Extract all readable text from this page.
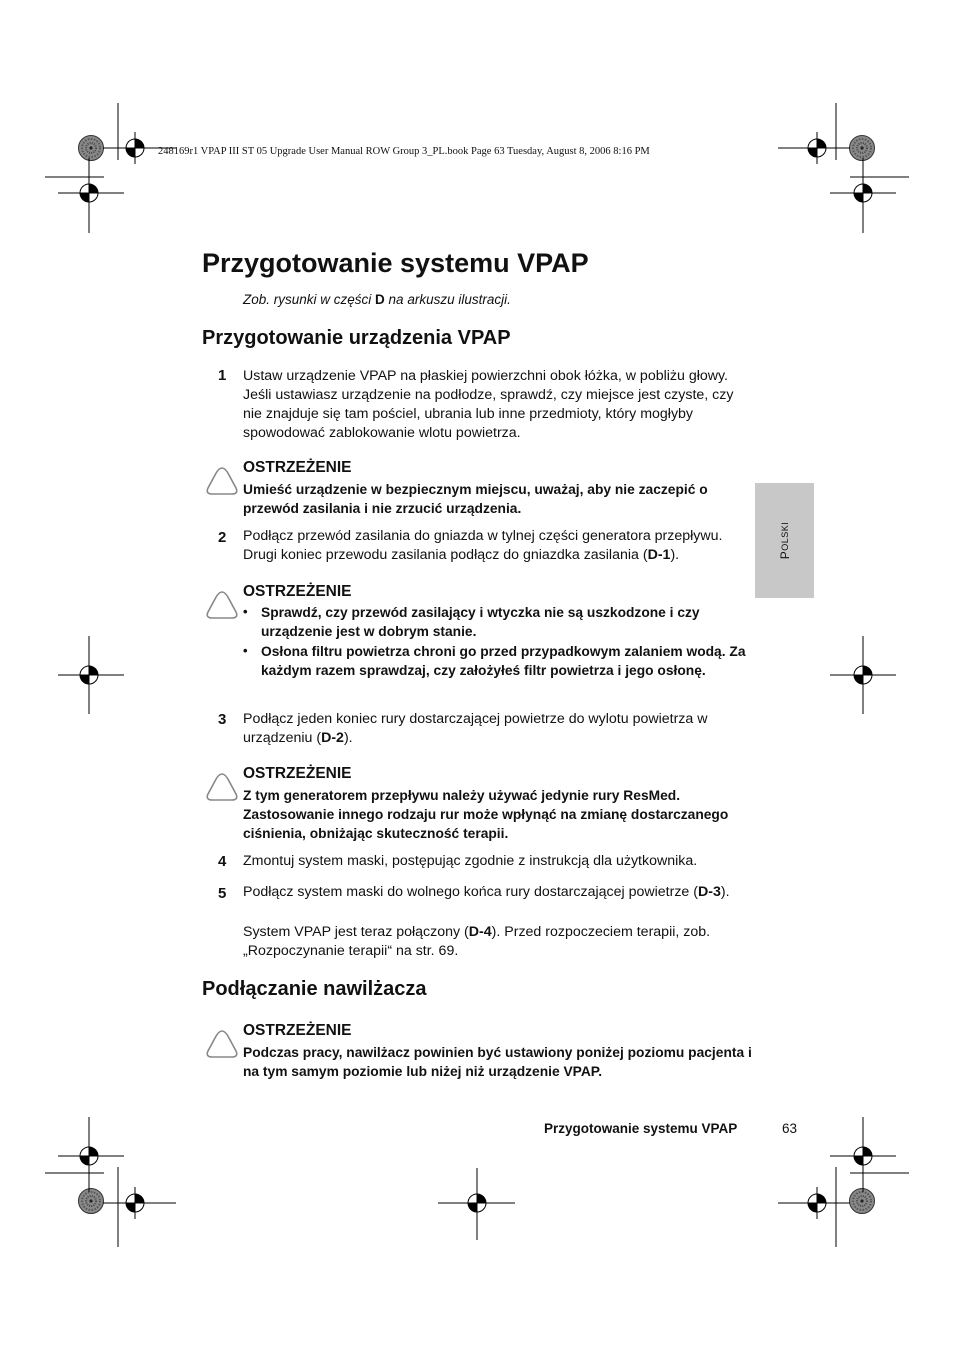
248169r1 VPAP III ST 05 Upgrade User Manual ROW Group 3_PL.book Page 63 Tuesday, August 8, 2006 8:16 PM
Przygotowanie systemu VPAP
Zob. rysunki w części D na arkuszu ilustracji.
Przygotowanie urządzenia VPAP
1 Ustaw urządzenie VPAP na płaskiej powierzchni obok łóżka, w pobliżu głowy. Jeśli ustawiasz urządzenie na podłodze, sprawdź, czy miejsce jest czyste, czy nie znajduje się tam pościel, ubrania lub inne przedmioty, który mogłyby spowodować zablokowanie wlotu powietrza.
OSTRZEŻENIE
Umieść urządzenie w bezpiecznym miejscu, uważaj, aby nie zaczepić o przewód zasilania i nie zrzucić urządzenia.
2 Podłącz przewód zasilania do gniazda w tylnej części generatora przepływu. Drugi koniec przewodu zasilania podłącz do gniazdka zasilania (D-1).
OSTRZEŻENIE
• Sprawdź, czy przewód zasilający i wtyczka nie są uszkodzone i czy urządzenie jest w dobrym stanie.
• Osłona filtru powietrza chroni go przed przypadkowym zalaniem wodą. Za każdym razem sprawdzaj, czy założyłeś filtr powietrza i jego osłonę.
3 Podłącz jeden koniec rury dostarczającej powietrze do wylotu powietrza w urządzeniu (D-2).
OSTRZEŻENIE
Z tym generatorem przepływu należy używać jedynie rury ResMed. Zastosowanie innego rodzaju rur może wpłynąć na zmianę dostarczanego ciśnienia, obniżając skuteczność terapii.
4 Zmontuj system maski, postępując zgodnie z instrukcją dla użytkownika.
5 Podłącz system maski do wolnego końca rury dostarczającej powietrze (D-3).
System VPAP jest teraz połączony (D-4). Przed rozpoczeciem terapii, zob. „Rozpoczynanie terapii“ na str. 69.
Podłączanie nawilżacza
OSTRZEŻENIE
Podczas pracy, nawilżacz powinien być ustawiony poniżej poziomu pacjenta i na tym samym poziomie lub niżej niż urządzenie VPAP.
P
OLSKI
Przygotowanie systemu VPAP	63
